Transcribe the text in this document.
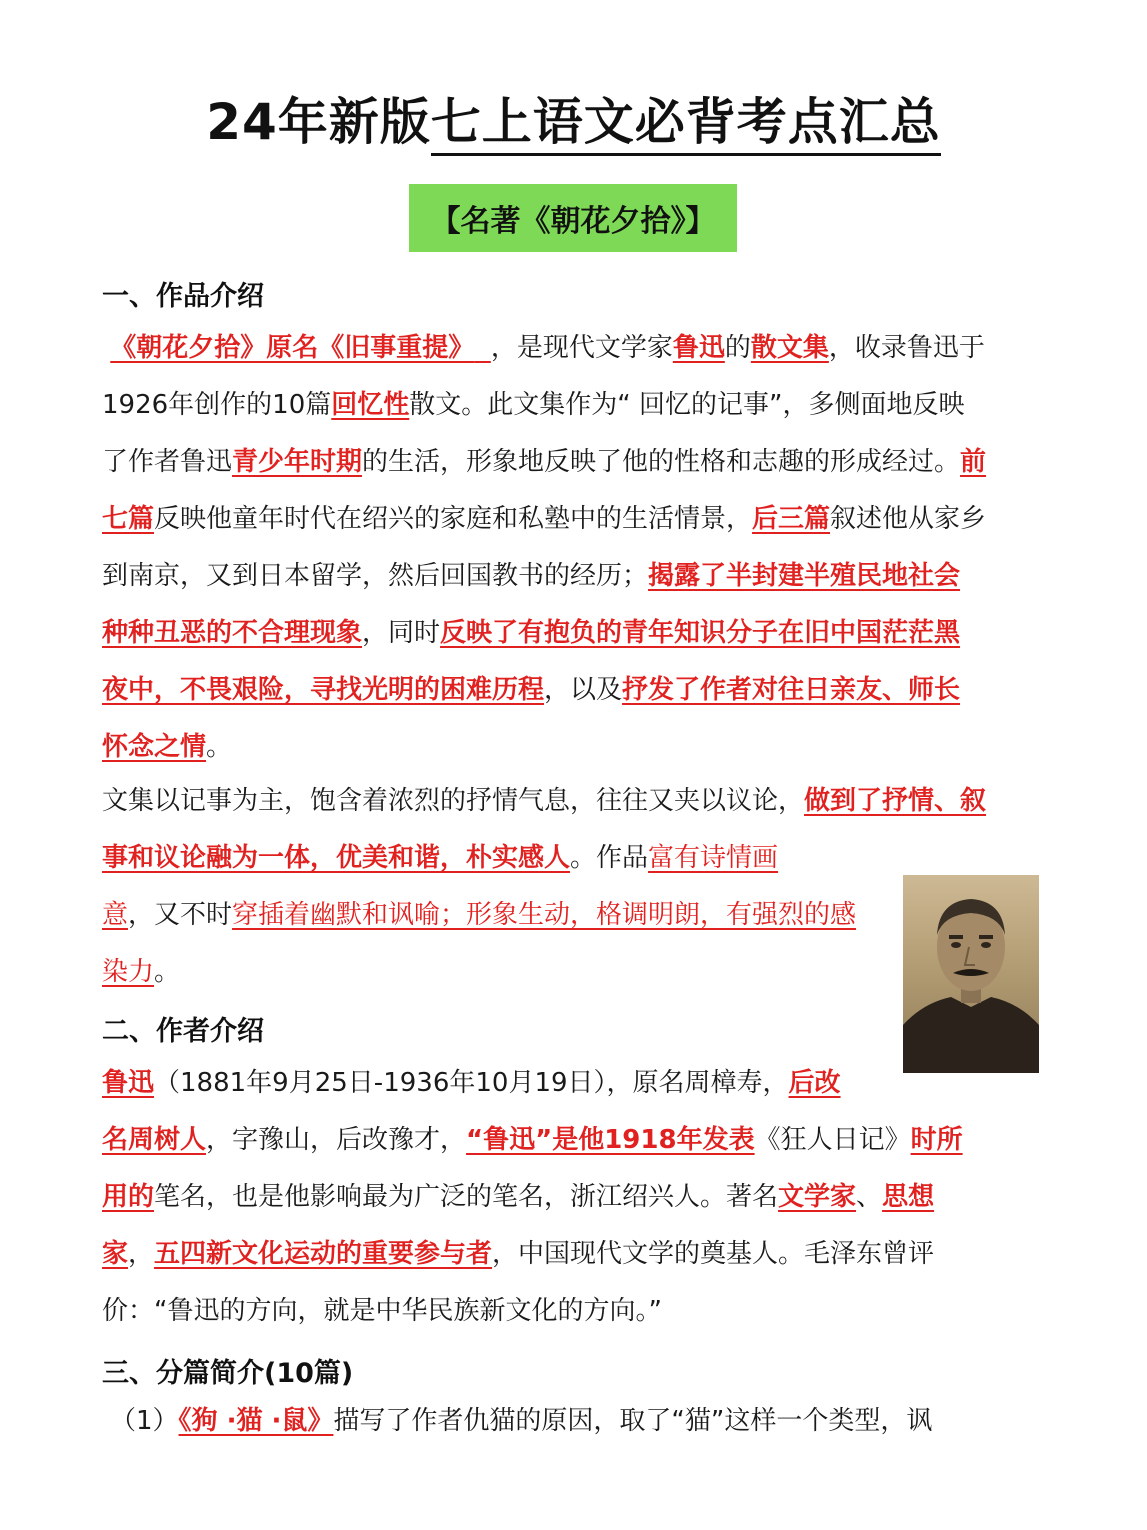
24年新版七上语文必背考点汇总
【名著《朝花夕拾》】
一、作品介绍
《朝花夕拾》原名《旧事重提》 ，是现代文学家鲁迅的散文集，收录鲁迅于
1926年创作的10篇回忆性散文。此文集作为“ 回忆的记事”，多侧面地反映
了作者鲁迅青少年时期的生活，形象地反映了他的性格和志趣的形成经过。前
七篇反映他童年时代在绍兴的家庭和私塾中的生活情景，后三篇叙述他从家乡
到南京，又到日本留学，然后回国教书的经历；揭露了半封建半殖民地社会
种种丑恶的不合理现象，同时反映了有抱负的青年知识分子在旧中国茫茫黑
夜中，不畏艰险，寻找光明的困难历程，以及抒发了作者对往日亲友、师长
怀念之情。
文集以记事为主，饱含着浓烈的抒情气息，往往又夹以议论，做到了抒情、叙
事和议论融为一体，优美和谐，朴实感人。作品富有诗情画
意，又不时穿插着幽默和讽喻；形象生动，格调明朗，有强烈的感
染力。
二、作者介绍
鲁迅（1881年9月25日-1936年10月19日），原名周樟寿，后改
名周树人，字豫山，后改豫才，“鲁迅”是他1918年发表《狂人日记》时所
用的笔名，也是他影响最为广泛的笔名，浙江绍兴人。著名文学家、思想
家，五四新文化运动的重要参与者，中国现代文学的奠基人。毛泽东曾评
价：“鲁迅的方向，就是中华民族新文化的方向。”
三、分篇简介(10篇)
（1）《狗 ·猫 ·鼠》描写了作者仇猫的原因，取了“猫”这样一个类型，讽
